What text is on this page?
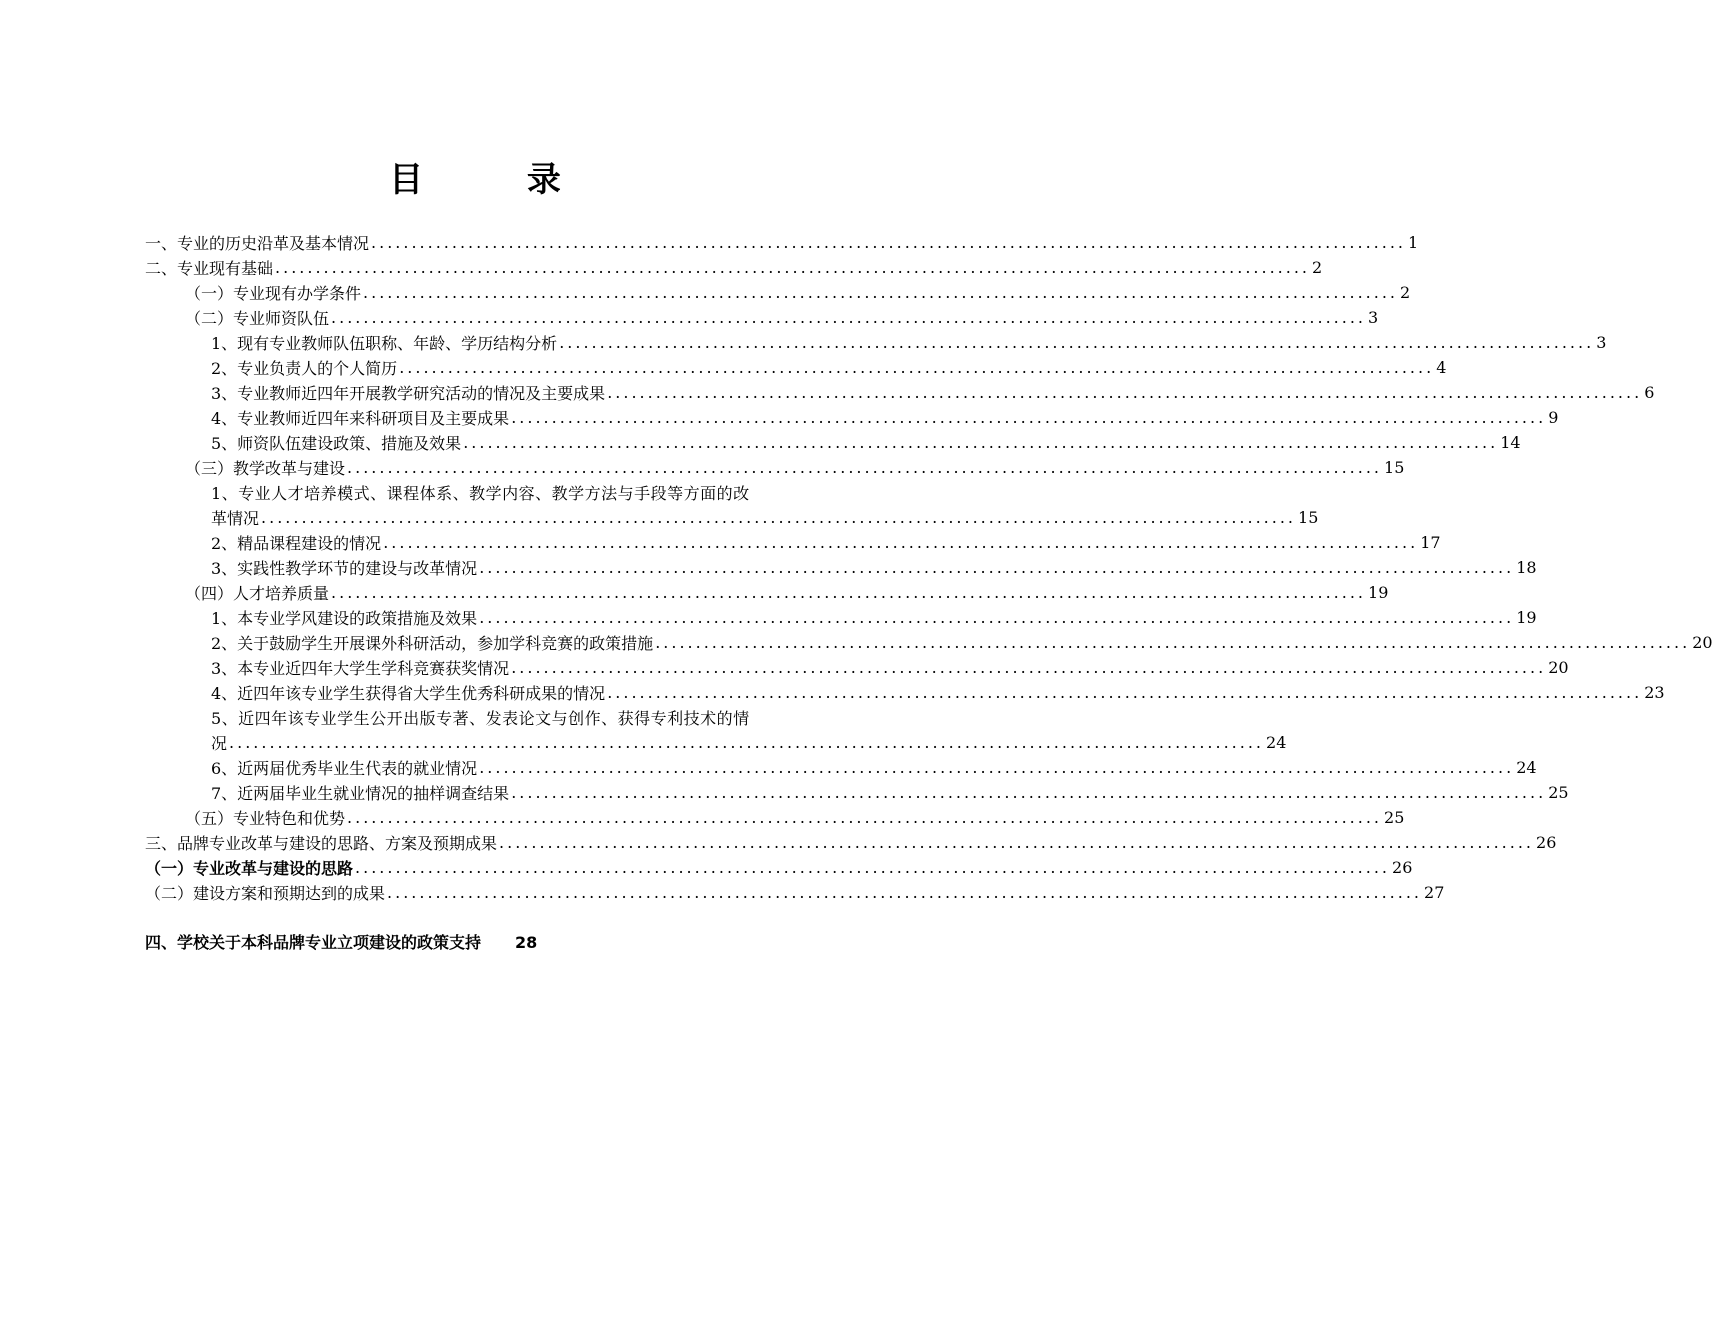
目 录
一、专业的历史沿革及基本情况 ................................................................................................................................ 1
二、专业现有基础 ................................................................................................................................ 2
（一）专业现有办学条件 ................................................................................................................................ 2
（二）专业师资队伍 ................................................................................................................................ 3
1、现有专业教师队伍职称、年龄、学历结构分析 ................................................................................................................................ 3
2、专业负责人的个人简历 ................................................................................................................................ 4
3、专业教师近四年开展教学研究活动的情况及主要成果 ................................................................................................................................ 6
4、专业教师近四年来科研项目及主要成果 ................................................................................................................................ 9
5、师资队伍建设政策、措施及效果 ................................................................................................................................ 14
（三）教学改革与建设 ................................................................................................................................ 15
1、专业人才培养模式、课程体系、教学内容、教学方法与手段等方面的改
革情况 ................................................................................................................................ 15
2、精品课程建设的情况 ................................................................................................................................ 17
3、实践性教学环节的建设与改革情况 ................................................................................................................................ 18
（四）人才培养质量 ................................................................................................................................ 19
1、本专业学风建设的政策措施及效果 ................................................................................................................................ 19
2、关于鼓励学生开展课外科研活动，参加学科竞赛的政策措施 ................................................................................................................................ 20
3、本专业近四年大学生学科竞赛获奖情况 ................................................................................................................................ 20
4、近四年该专业学生获得省大学生优秀科研成果的情况 ................................................................................................................................ 23
5、近四年该专业学生公开出版专著、发表论文与创作、获得专利技术的情
况 ................................................................................................................................ 24
6、近两届优秀毕业生代表的就业情况 ................................................................................................................................ 24
7、近两届毕业生就业情况的抽样调查结果 ................................................................................................................................ 25
（五）专业特色和优势 ................................................................................................................................ 25
三、品牌专业改革与建设的思路、方案及预期成果 ................................................................................................................................ 26
（一）专业改革与建设的思路 ................................................................................................................................ 26
（二）建设方案和预期达到的成果 ................................................................................................................................ 27
四、学校关于本科品牌专业立项建设的政策支持 28
